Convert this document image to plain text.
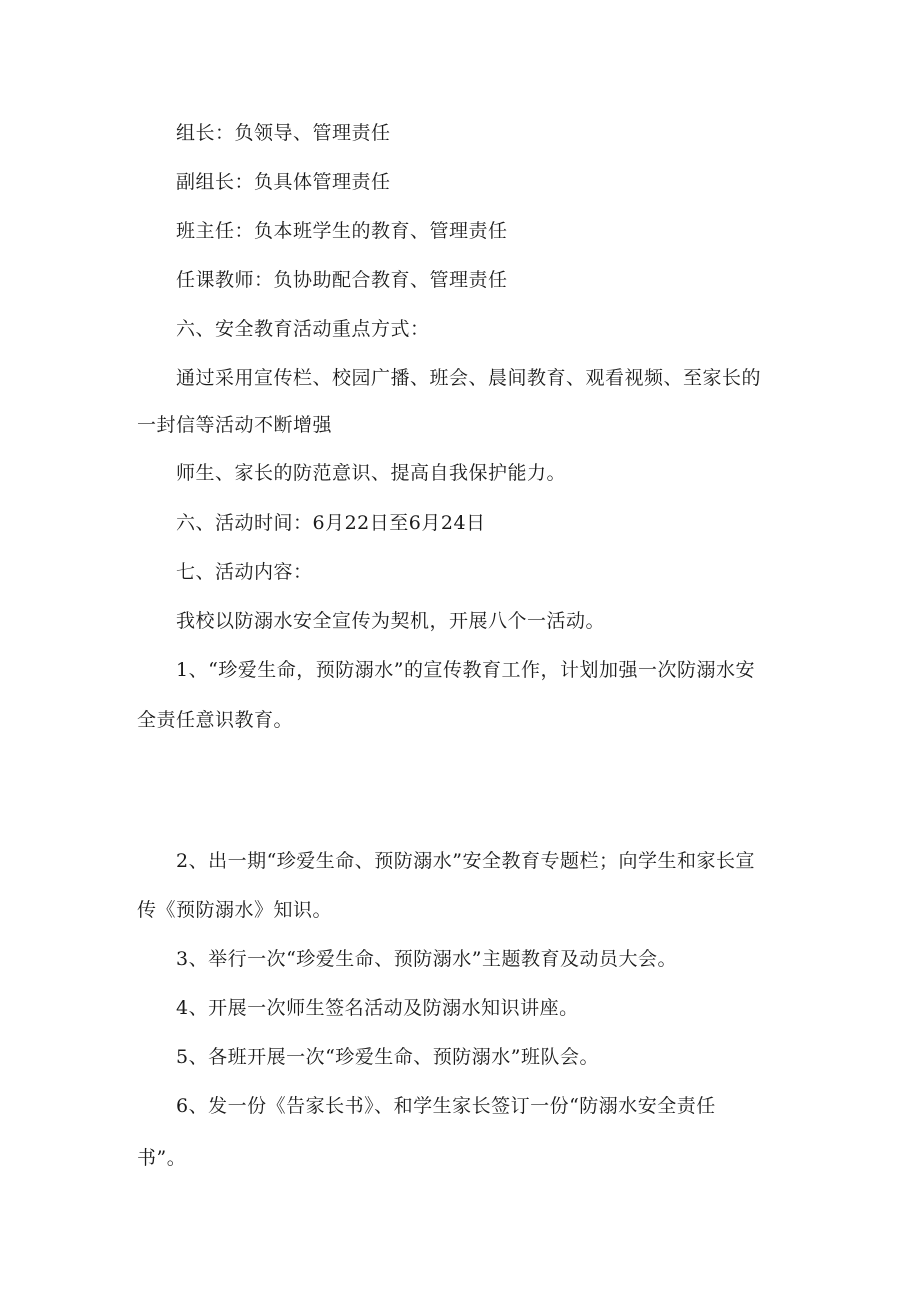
组长：负领导、管理责任
副组长：负具体管理责任
班主任：负本班学生的教育、管理责任
任课教师：负协助配合教育、管理责任
六、安全教育活动重点方式：
通过采用宣传栏、校园广播、班会、晨间教育、观看视频、至家长的
一封信等活动不断增强
师生、家长的防范意识、提高自我保护能力。
六、活动时间：6月22日至6月24日
七、活动内容：
我校以防溺水安全宣传为契机，开展八个一活动。
1、“珍爱生命，预防溺水”的宣传教育工作，计划加强一次防溺水安
全责任意识教育。
2、出一期“珍爱生命、预防溺水”安全教育专题栏；向学生和家长宣
传《预防溺水》知识。
3、举行一次“珍爱生命、预防溺水”主题教育及动员大会。
4、开展一次师生签名活动及防溺水知识讲座。
5、各班开展一次“珍爱生命、预防溺水”班队会。
6、发一份《告家长书》、和学生家长签订一份“防溺水安全责任
书”。
